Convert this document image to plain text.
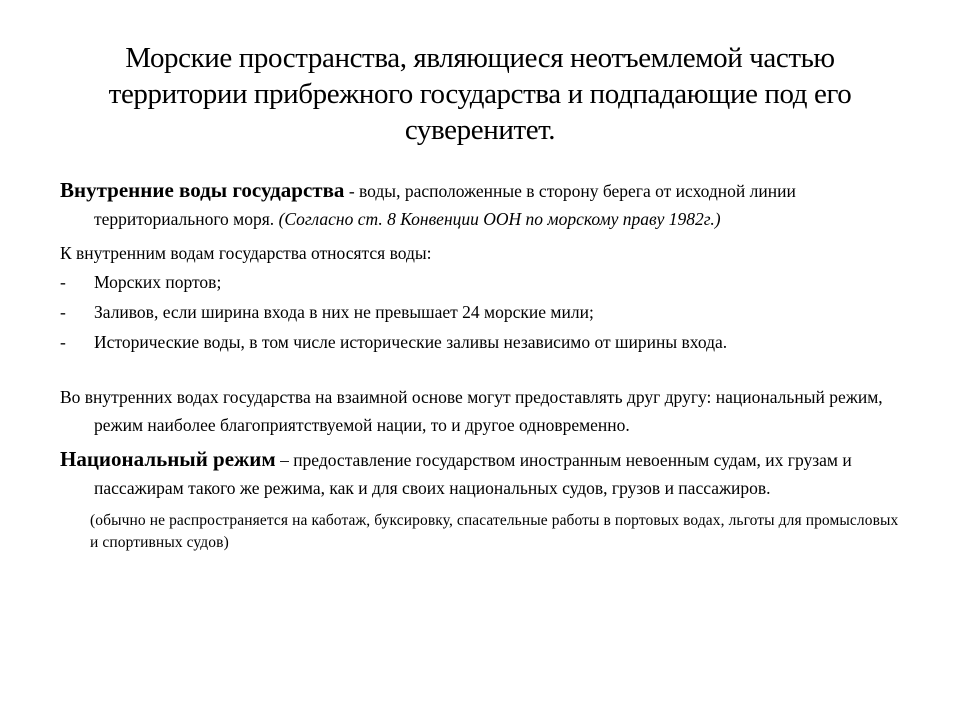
Морские пространства, являющиеся неотъемлемой частью территории прибрежного государства и подпадающие под его суверенитет.

Внутренние воды государства - воды, расположенные в сторону берега от исходной линии территориального моря. (Согласно ст. 8 Конвенции ООН по морскому праву 1982г.)

К внутренним водам государства относятся воды:

-	Морских портов;
-	Заливов, если ширина входа в них не превышает 24 морские мили;
-	Исторические воды, в том числе исторические заливы независимо от ширины входа.

Во внутренних водах государства на взаимной основе могут предоставлять друг другу: национальный режим, режим наиболее благоприятствуемой нации, то и другое одновременно.

Национальный режим – предоставление государством иностранным невоенным судам, их грузам и пассажирам такого же режима, как и для своих национальных судов, грузов и пассажиров.

(обычно не распространяется на каботаж, буксировку, спасательные работы в портовых водах, льготы для промысловых и спортивных судов)
